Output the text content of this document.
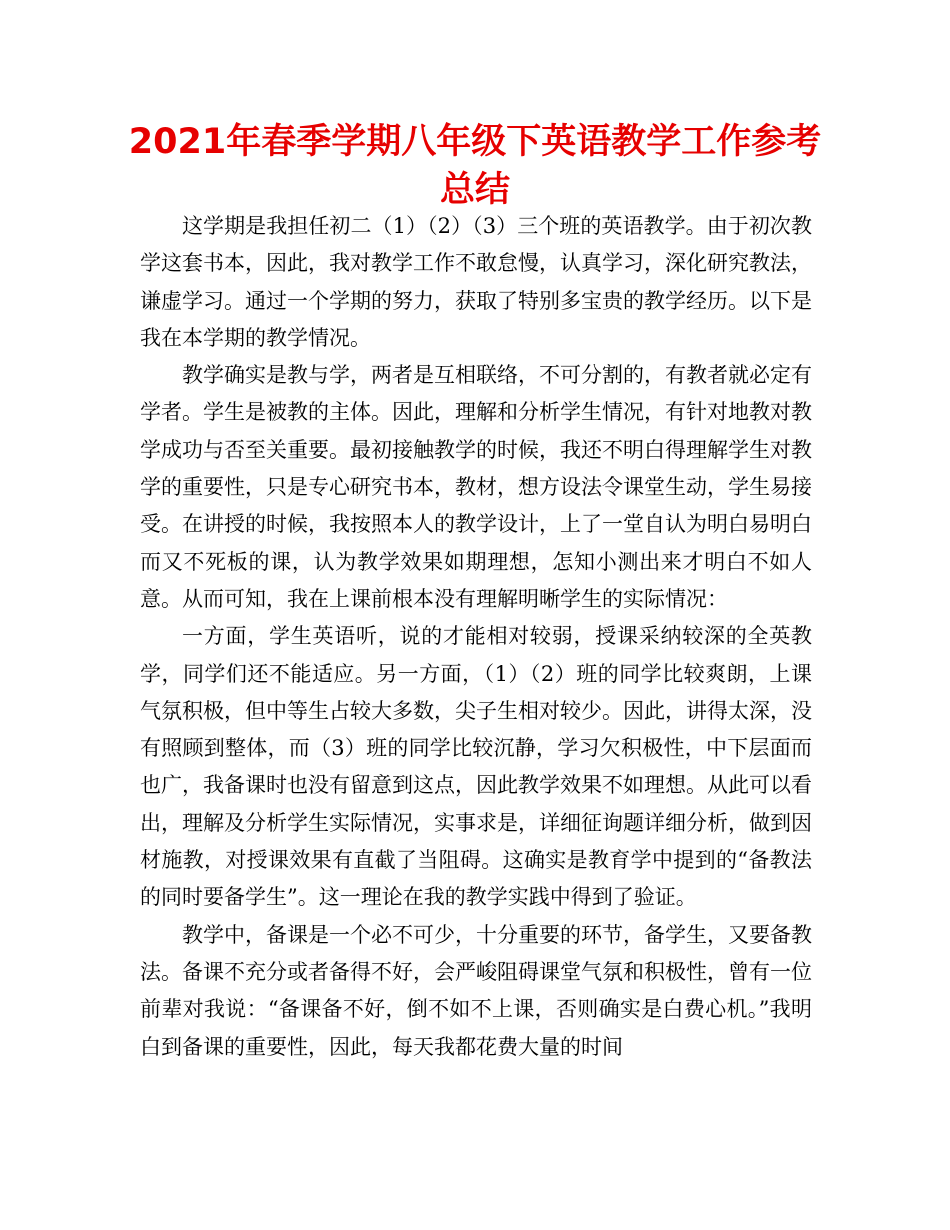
2021年春季学期八年级下英语教学工作参考总结

这学期是我担任初二（1）（2）（3）三个班的英语教学。由于初次教学这套书本，因此，我对教学工作不敢怠慢，认真学习，深化研究教法，谦虚学习。通过一个学期的努力，获取了特别多宝贵的教学经历。以下是我在本学期的教学情况。

教学确实是教与学，两者是互相联络，不可分割的，有教者就必定有学者。学生是被教的主体。因此，理解和分析学生情况，有针对地教对教学成功与否至关重要。最初接触教学的时候，我还不明白得理解学生对教学的重要性，只是专心研究书本，教材，想方设法令课堂生动，学生易接受。在讲授的时候，我按照本人的教学设计，上了一堂自认为明白易明白而又不死板的课，认为教学效果如期理想，怎知小测出来才明白不如人意。从而可知，我在上课前根本没有理解明晰学生的实际情况：

一方面，学生英语听，说的才能相对较弱，授课采纳较深的全英教学，同学们还不能适应。另一方面，（1）（2）班的同学比较爽朗，上课气氛积极，但中等生占较大多数，尖子生相对较少。因此，讲得太深，没有照顾到整体，而（3）班的同学比较沉静，学习欠积极性，中下层面而也广，我备课时也没有留意到这点，因此教学效果不如理想。从此可以看出，理解及分析学生实际情况，实事求是，详细征询题详细分析，做到因材施教，对授课效果有直截了当阻碍。这确实是教育学中提到的“备教法的同时要备学生”。这一理论在我的教学实践中得到了验证。

教学中，备课是一个必不可少，十分重要的环节，备学生，又要备教法。备课不充分或者备得不好，会严峻阻碍课堂气氛和积极性，曾有一位前辈对我说：“备课备不好，倒不如不上课，否则确实是白费心机。”我明白到备课的重要性，因此，每天我都花费大量的时间
